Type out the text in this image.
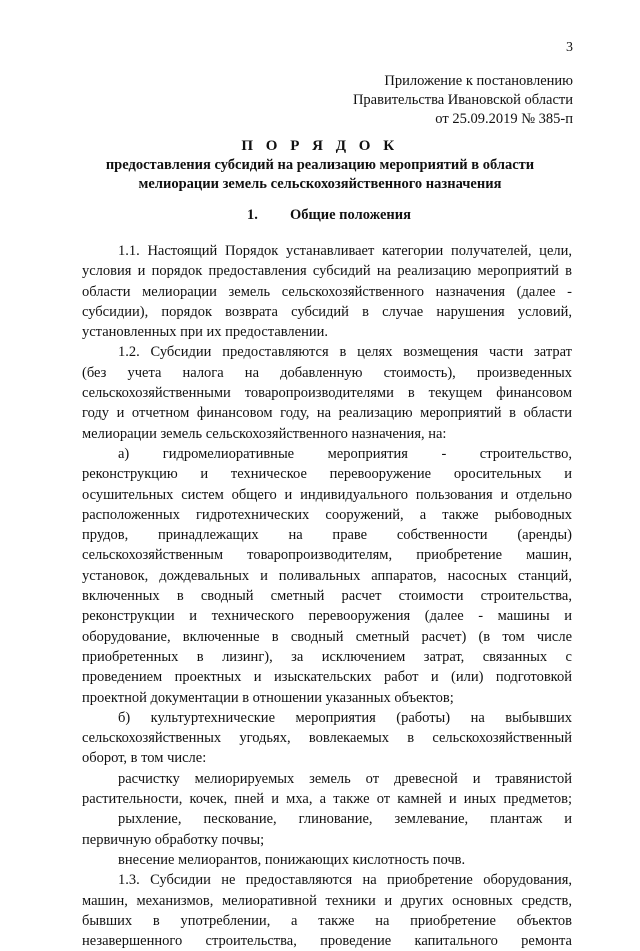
3
Приложение к постановлению
Правительства Ивановской области
от 25.09.2019 № 385-п
П О Р Я Д О К
предоставления субсидий на реализацию мероприятий в области
мелиорации земель сельскохозяйственного назначения
1. Общие положения
1.1. Настоящий Порядок устанавливает категории получателей, цели,
условия и порядок предоставления субсидий на реализацию мероприятий в
области мелиорации земель сельскохозяйственного назначения (далее -
субсидии), порядок возврата субсидий в случае нарушения условий,
установленных при их предоставлении.
1.2. Субсидии предоставляются в целях возмещения части затрат
(без учета налога на добавленную стоимость), произведенных
сельскохозяйственными товаропроизводителями в текущем финансовом
году и отчетном финансовом году, на реализацию мероприятий в области
мелиорации земель сельскохозяйственного назначения, на:
а) гидромелиоративные мероприятия - строительство,
реконструкцию и техническое перевооружение оросительных и
осушительных систем общего и индивидуального пользования и отдельно
расположенных гидротехнических сооружений, а также рыбоводных
прудов, принадлежащих на праве собственности (аренды)
сельскохозяйственным товаропроизводителям, приобретение машин,
установок, дождевальных и поливальных аппаратов, насосных станций,
включенных в сводный сметный расчет стоимости строительства,
реконструкции и технического перевооружения (далее - машины и
оборудование, включенные в сводный сметный расчет) (в том числе
приобретенных в лизинг), за исключением затрат, связанных с
проведением проектных и изыскательских работ и (или) подготовкой
проектной документации в отношении указанных объектов;
б) культуртехнические мероприятия (работы) на выбывших
сельскохозяйственных угодьях, вовлекаемых в сельскохозяйственный
оборот, в том числе:
расчистку мелиорируемых земель от древесной и травянистой
растительности, кочек, пней и мха, а также от камней и иных предметов;
рыхление, пескование, глинование, землевание, плантаж и
первичную обработку почвы;
внесение мелиорантов, понижающих кислотность почв.
1.3. Субсидии не предоставляются на приобретение оборудования,
машин, механизмов, мелиоративной техники и других основных средств,
бывших в употреблении, а также на приобретение объектов
незавершенного строительства, проведение капитального ремонта
